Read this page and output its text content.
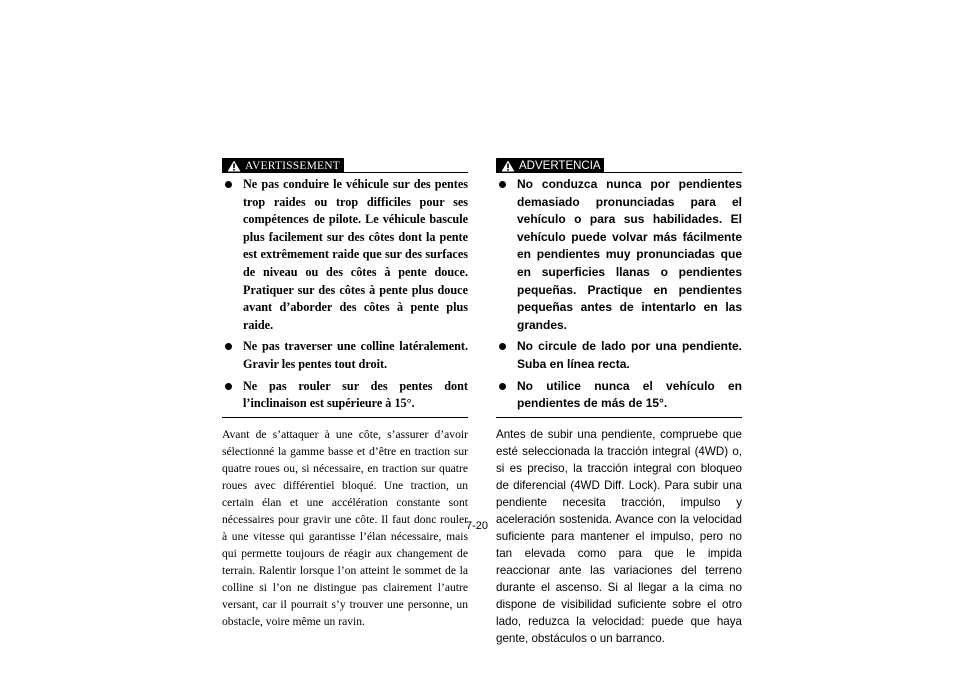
AVERTISSEMENT
Ne pas conduire le véhicule sur des pentes trop raides ou trop difficiles pour ses compétences de pilote. Le véhicule bascule plus facilement sur des côtes dont la pente est extrêmement raide que sur des surfaces de niveau ou des côtes à pente douce. Pratiquer sur des côtes à pente plus douce avant d’aborder des côtes à pente plus raide.
Ne pas traverser une colline latéralement. Gravir les pentes tout droit.
Ne pas rouler sur des pentes dont l’inclinaison est supérieure à 15°.

Avant de s’attaquer à une côte, s’assurer d’avoir sélectionné la gamme basse et d’être en traction sur quatre roues ou, si nécessaire, en traction sur quatre roues avec différentiel bloqué. Une traction, un certain élan et une accélération constante sont nécessaires pour gravir une côte. Il faut donc rouler à une vitesse qui garantisse l’élan nécessaire, mais qui permette toujours de réagir aux changement de terrain. Ralentir lorsque l’on atteint le sommet de la colline si l’on ne distingue pas clairement l’autre versant, car il pourrait s’y trouver une personne, un obstacle, voire même un ravin.

ADVERTENCIA
No conduzca nunca por pendientes demasiado pronunciadas para el vehículo o para sus habilidades. El vehículo puede volvar más fácilmente en pendientes muy pronunciadas que en superficies llanas o pendientes pequeñas. Practique en pendientes pequeñas antes de intentarlo en las grandes.
No circule de lado por una pendiente. Suba en línea recta.
No utilice nunca el vehículo en pendientes de más de 15°.

Antes de subir una pendiente, compruebe que esté seleccionada la tracción integral (4WD) o, si es preciso, la tracción integral con bloqueo de diferencial (4WD Diff. Lock). Para subir una pendiente necesita tracción, impulso y aceleración sostenida. Avance con la velocidad suficiente para mantener el impulso, pero no tan elevada como para que le impida reaccionar ante las variaciones del terreno durante el ascenso. Si al llegar a la cima no dispone de visibilidad suficiente sobre el otro lado, reduzca la velocidad: puede que haya gente, obstáculos o un barranco.

7-20
